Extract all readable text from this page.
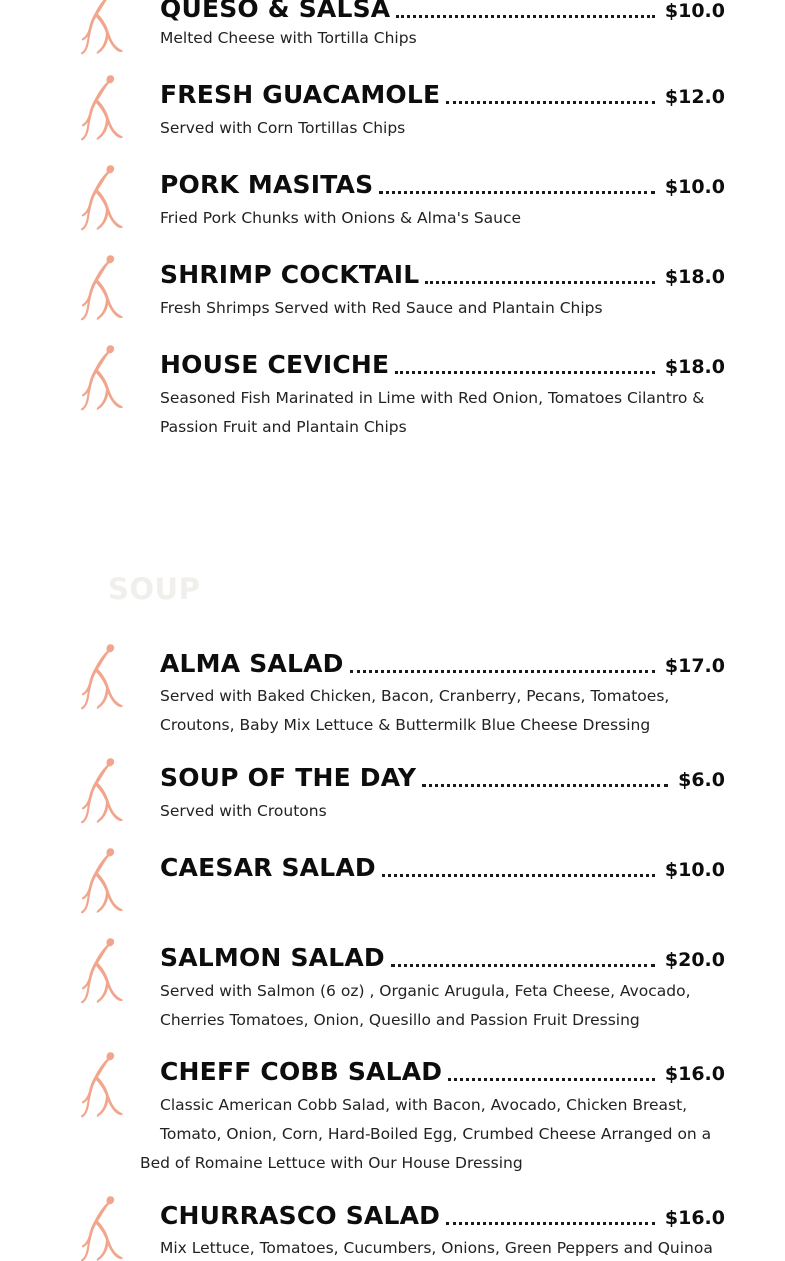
SOUP
QUESO & SALSA	$10.0
Melted Cheese with Tortilla Chips
FRESH GUACAMOLE	$12.0
Served with Corn Tortillas Chips
PORK MASITAS	$10.0
Fried Pork Chunks with Onions & Alma's Sauce
SHRIMP COCKTAIL	$18.0
Fresh Shrimps Served with Red Sauce and Plantain Chips
HOUSE CEVICHE	$18.0
Seasoned Fish Marinated in Lime with Red Onion, Tomatoes Cilantro &
Passion Fruit and Plantain Chips
ALMA SALAD	$17.0
Served with Baked Chicken, Bacon, Cranberry, Pecans, Tomatoes,
Croutons, Baby Mix Lettuce & Buttermilk Blue Cheese Dressing
SOUP OF THE DAY	$6.0
Served with Croutons
CAESAR SALAD	$10.0
SALMON SALAD	$20.0
Served with Salmon (6 oz) , Organic Arugula, Feta Cheese, Avocado,
Cherries Tomatoes, Onion, Quesillo and Passion Fruit Dressing
CHEFF COBB SALAD	$16.0
Classic American Cobb Salad, with Bacon, Avocado, Chicken Breast,
Tomato, Onion, Corn, Hard-Boiled Egg, Crumbed Cheese Arranged on a
Bed of Romaine Lettuce with Our House Dressing
CHURRASCO SALAD	$16.0
Mix Lettuce, Tomatoes, Cucumbers, Onions, Green Peppers and Quinoa
